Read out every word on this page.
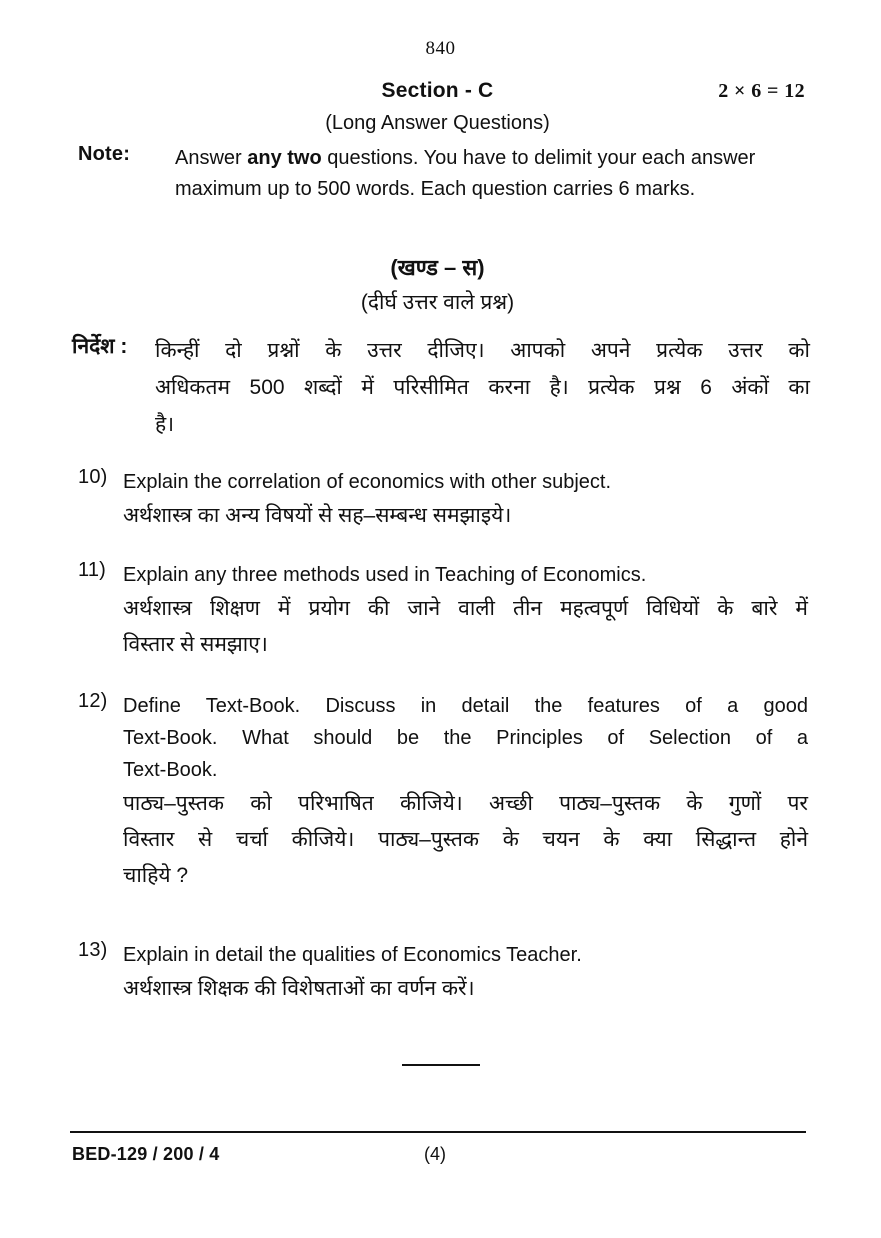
840
Section - C	2 × 6 = 12
(Long Answer Questions)
Note: Answer any two questions. You have to delimit your each answer maximum up to 500 words. Each question carries 6 marks.
(खण्ड – स)
(दीर्घ उत्तर वाले प्रश्न)
निर्देश : किन्हीं दो प्रश्नों के उत्तर दीजिए। आपको अपने प्रत्येक उत्तर को
अधिकतम 500 शब्दों में परिसीमित करना है। प्रत्येक प्रश्न 6 अंकों का
है।
10) Explain the correlation of economics with other subject.
अर्थशास्त्र का अन्य विषयों से सह–सम्बन्ध समझाइये।
11) Explain any three methods used in Teaching of Economics.
अर्थशास्त्र शिक्षण में प्रयोग की जाने वाली तीन महत्वपूर्ण विधियों के बारे में
विस्तार से समझाए।
12) Define Text-Book. Discuss in detail the features of a good
Text-Book. What should be the Principles of Selection of a
Text-Book.
पाठ्य–पुस्तक को परिभाषित कीजिये। अच्छी पाठ्य–पुस्तक के गुणों पर
विस्तार से चर्चा कीजिये। पाठ्य–पुस्तक के चयन के क्या सिद्धान्त होने
चाहिये ?
13) Explain in detail the qualities of Economics Teacher.
अर्थशास्त्र शिक्षक की विशेषताओं का वर्णन करें।
BED-129 / 200 / 4	(4)
